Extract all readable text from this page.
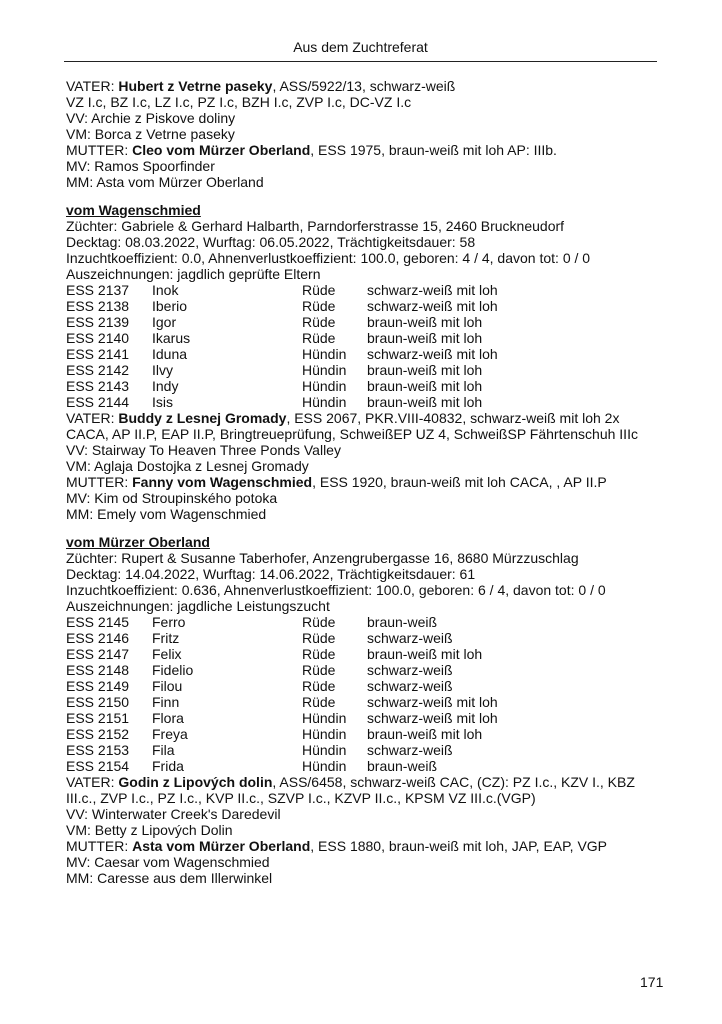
Aus dem Zuchtreferat
VATER: Hubert z Vetrne paseky, ASS/5922/13, schwarz-weiß
VZ I.c, BZ I.c, LZ I.c, PZ I.c, BZH I.c, ZVP I.c, DC-VZ I.c
VV: Archie z Piskove doliny
VM: Borca z Vetrne paseky
MUTTER: Cleo vom Mürzer Oberland, ESS 1975, braun-weiß mit loh AP: IIIb.
MV: Ramos Spoorfinder
MM: Asta vom Mürzer Oberland
vom Wagenschmied
Züchter: Gabriele & Gerhard Halbarth, Parndorferstrasse 15, 2460 Bruckneudorf
Decktag: 08.03.2022, Wurftag: 06.05.2022, Trächtigkeitsdauer: 58
Inzuchtkoeffizient: 0.0, Ahnenverlustkoeffizient: 100.0, geboren: 4 / 4, davon tot: 0 / 0
Auszeichnungen: jagdlich geprüfte Eltern
ESS 2137	Inok	Rüde	schwarz-weiß mit loh
ESS 2138	Iberio	Rüde	schwarz-weiß mit loh
ESS 2139	Igor	Rüde	braun-weiß mit loh
ESS 2140	Ikarus	Rüde	braun-weiß mit loh
ESS 2141	Iduna	Hündin	schwarz-weiß mit loh
ESS 2142	Ilvy	Hündin	braun-weiß mit loh
ESS 2143	Indy	Hündin	braun-weiß mit loh
ESS 2144	Isis	Hündin	braun-weiß mit loh
VATER: Buddy z Lesnej Gromady, ESS 2067, PKR.VIII-40832, schwarz-weiß mit loh 2x
CACA, AP II.P, EAP II.P, Bringtreueprüfung, SchweißEP UZ 4, SchweißSP Fährtenschuh IIIc
VV: Stairway To Heaven Three Ponds Valley
VM: Aglaja Dostojka z Lesnej Gromady
MUTTER: Fanny vom Wagenschmied, ESS 1920, braun-weiß mit loh CACA, , AP II.P
MV: Kim od Stroupinského potoka
MM: Emely vom Wagenschmied
vom Mürzer Oberland
Züchter: Rupert & Susanne Taberhofer, Anzengrubergasse 16, 8680 Mürzzuschlag
Decktag: 14.04.2022, Wurftag: 14.06.2022, Trächtigkeitsdauer: 61
Inzuchtkoeffizient: 0.636, Ahnenverlustkoeffizient: 100.0, geboren: 6 / 4, davon tot: 0 / 0
Auszeichnungen: jagdliche Leistungszucht
ESS 2145	Ferro	Rüde	braun-weiß
ESS 2146	Fritz	Rüde	schwarz-weiß
ESS 2147	Felix	Rüde	braun-weiß mit loh
ESS 2148	Fidelio	Rüde	schwarz-weiß
ESS 2149	Filou	Rüde	schwarz-weiß
ESS 2150	Finn	Rüde	schwarz-weiß mit loh
ESS 2151	Flora	Hündin	schwarz-weiß mit loh
ESS 2152	Freya	Hündin	braun-weiß mit loh
ESS 2153	Fila	Hündin	schwarz-weiß
ESS 2154	Frida	Hündin	braun-weiß
VATER: Godin z Lipových dolin, ASS/6458, schwarz-weiß CAC, (CZ): PZ I.c., KZV I., KBZ
III.c., ZVP I.c., PZ I.c., KVP II.c., SZVP I.c., KZVP II.c., KPSM VZ III.c.(VGP)
VV: Winterwater Creek's Daredevil
VM: Betty z Lipových Dolin
MUTTER: Asta vom Mürzer Oberland, ESS 1880, braun-weiß mit loh, JAP, EAP, VGP
MV: Caesar vom Wagenschmied
MM: Caresse aus dem Illerwinkel
171
